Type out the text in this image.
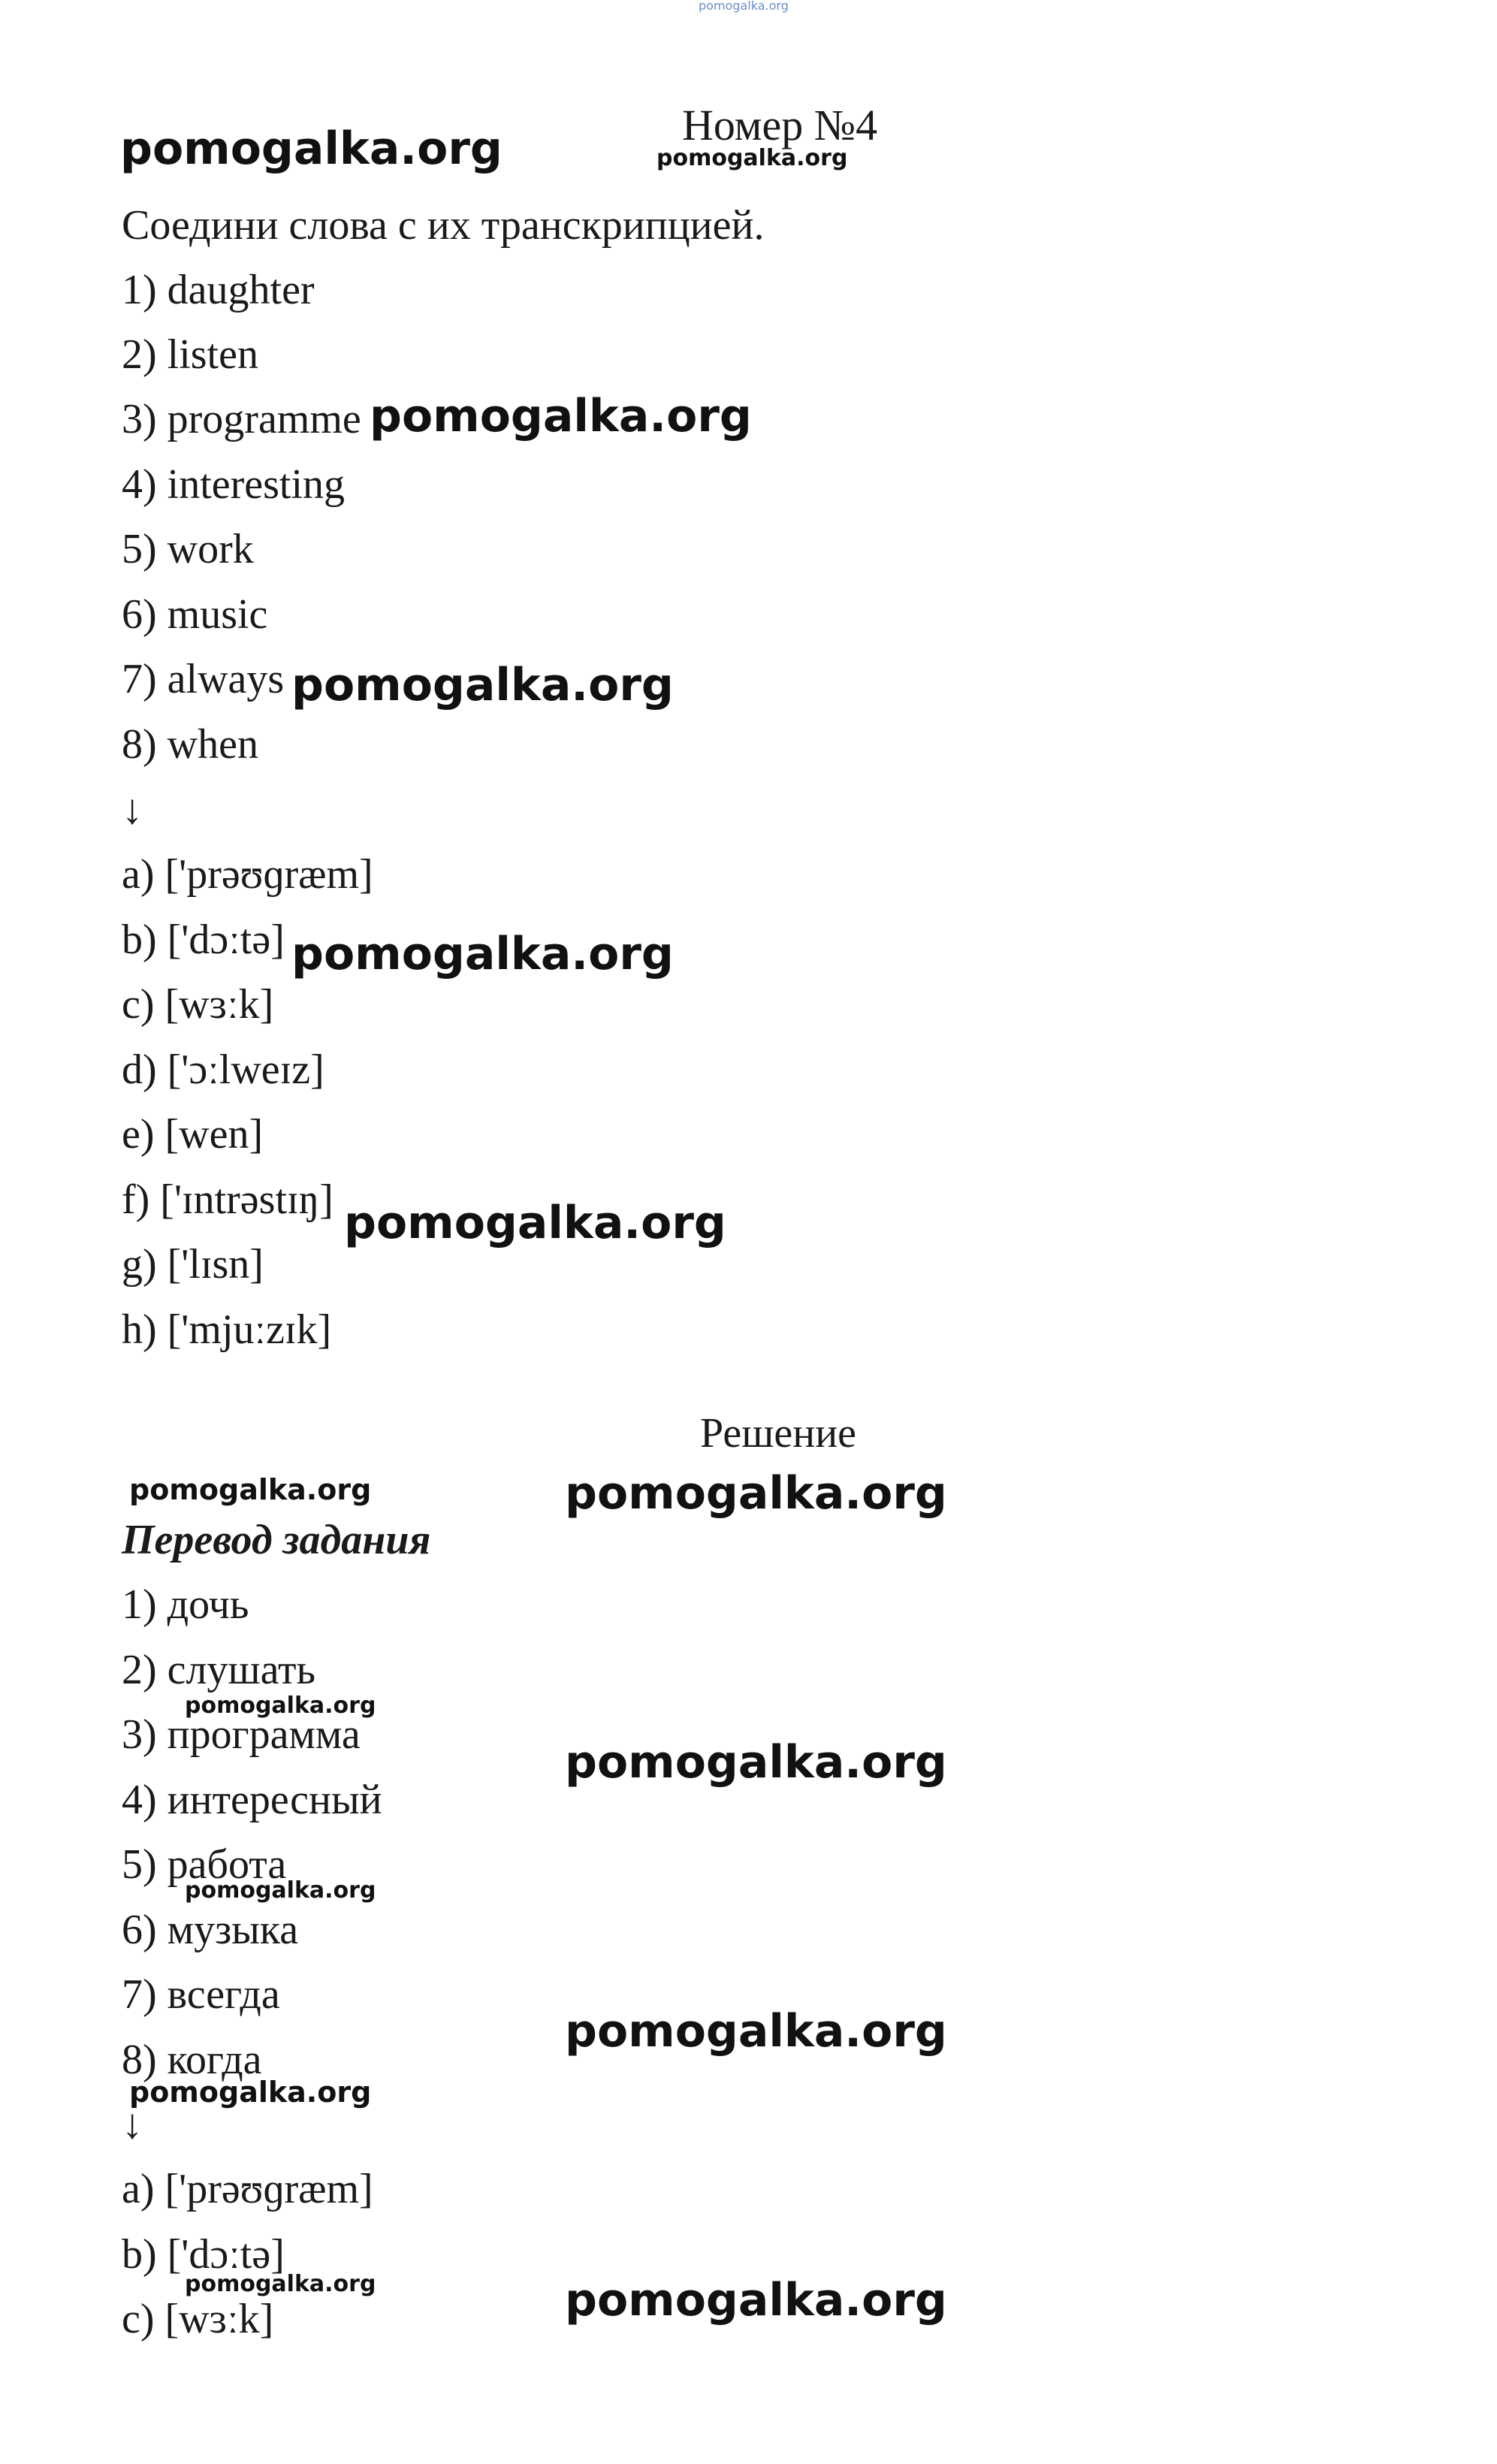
pomogalka.org
pomogalka.org	Номер №4
pomogalka.org
Соедини слова с их транскрипцией.
1) daughter
2) listen
3) programme pomogalka.org
4) interesting
5) work
6) music
7) always pomogalka.org
8) when
↓
a) ['prəʊɡræm]
b) ['dɔːtə] pomogalka.org
c) [wɜːk]
d) ['ɔːlweɪz]
e) [wen]
f) ['ɪntrəstɪŋ] pomogalka.org
g) ['lɪsn]
h) ['mjuːzɪk]
Решение
pomogalka.org	pomogalka.org
Перевод задания
1) дочь
2) слушать
pomogalka.org
3) программа
pomogalka.org
4) интересный
5) работа
pomogalka.org
6) музыка
7) всегда
pomogalka.org
8) когда
pomogalka.org
↓
a) ['prəʊɡræm]
b) ['dɔːtə]
pomogalka.org	pomogalka.org
c) [wɜːk]
